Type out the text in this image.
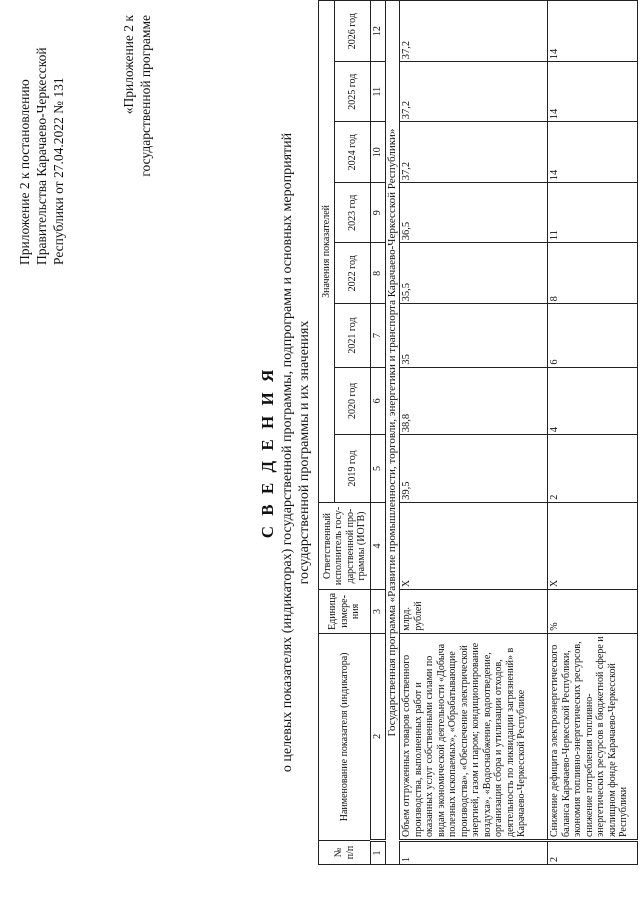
Приложение 2 к постановлению Правительства Карачаево-Черкесской Республики от 27.04.2022 № 131
«Приложение 2 к государственной программе
С В Е Д Е Н И Я о целевых показателях (индикаторах) государственной программы, подпрограмм и основных мероприятий государственной программы и их значениях
№ п/п	Наименование показателя (индикатора)	Единица измере- ния	Ответственный исполнитель госу- дарственной про- граммы (ИОГВ)	Значения показателей							
				2019 год	2020 год	2021 год	2022 год	2023 год	2024 год	2025 год	2026 год
1	2	3	4	5	6	7	8	9	10	11	12
Государственная программа «Развитие промышленности, торговли, энергетики и транспорта Карачаево-Черкесской Республики»											
1	Объем отгруженных товаров собственного производства, выполненных работ и оказанных услуг собственными силами по видам экономической деятельности «Добыча полезных ископаемых», «Обрабатывающие производства», «Обеспечение электрической энергией, газом и паром; кондиционирование воздуха», «Водоснабжение, водоотведение, организация сбора и утилизации отходов, деятельность по ликвидации загрязнений» в Карачаево-Черкесской Республике	млрд. рублей	X	39,5	38,8	35	35,5	36,5	37,2	37,2	37,2
2	Снижение дефицита электроэнергетического баланса Карачаево-Черкесской Республики, экономия топливно-энергетических ресурсов, снижение потребления топливно-энергетических ресурсов в бюджетной сфере и жилищном фонде Карачаево-Черкесской Республики	%	X	2	4	6	8	11	14	14	14
